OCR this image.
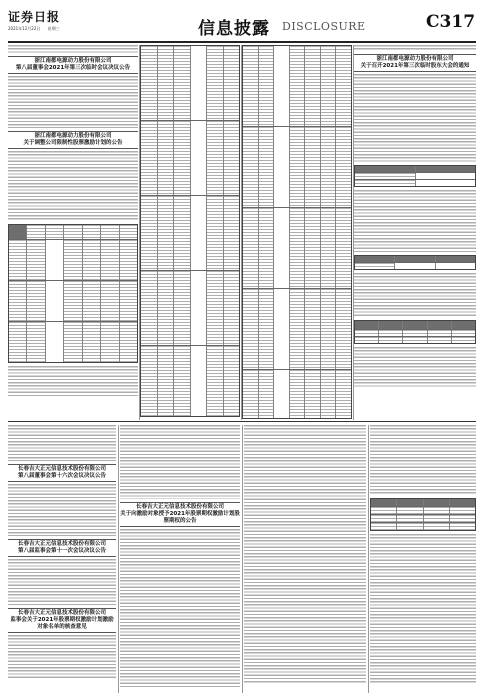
证券日报
2021年12月22日 星期三	信息披露 DISCLOSURE	C317
浙江南都电源动力股份有限公司
第八届董事会2021年第三次临时会议决议公告
浙江南都电源动力股份有限公司
关于调整公司限制性股票激励计划的公告
浙江南都电源动力股份有限公司
关于召开2021年第三次临时股东大会的通知
长春吉大正元信息技术股份有限公司
第八届董事会第十六次会议决议公告
长春吉大正元信息技术股份有限公司
第八届监事会第十一次会议决议公告
长春吉大正元信息技术股份有限公司
监事会关于2021年股票期权激励计划激励对象名单的核查意见
长春吉大正元信息技术股份有限公司
关于向激励对象授予2021年股票期权激励计划股票期权的公告
